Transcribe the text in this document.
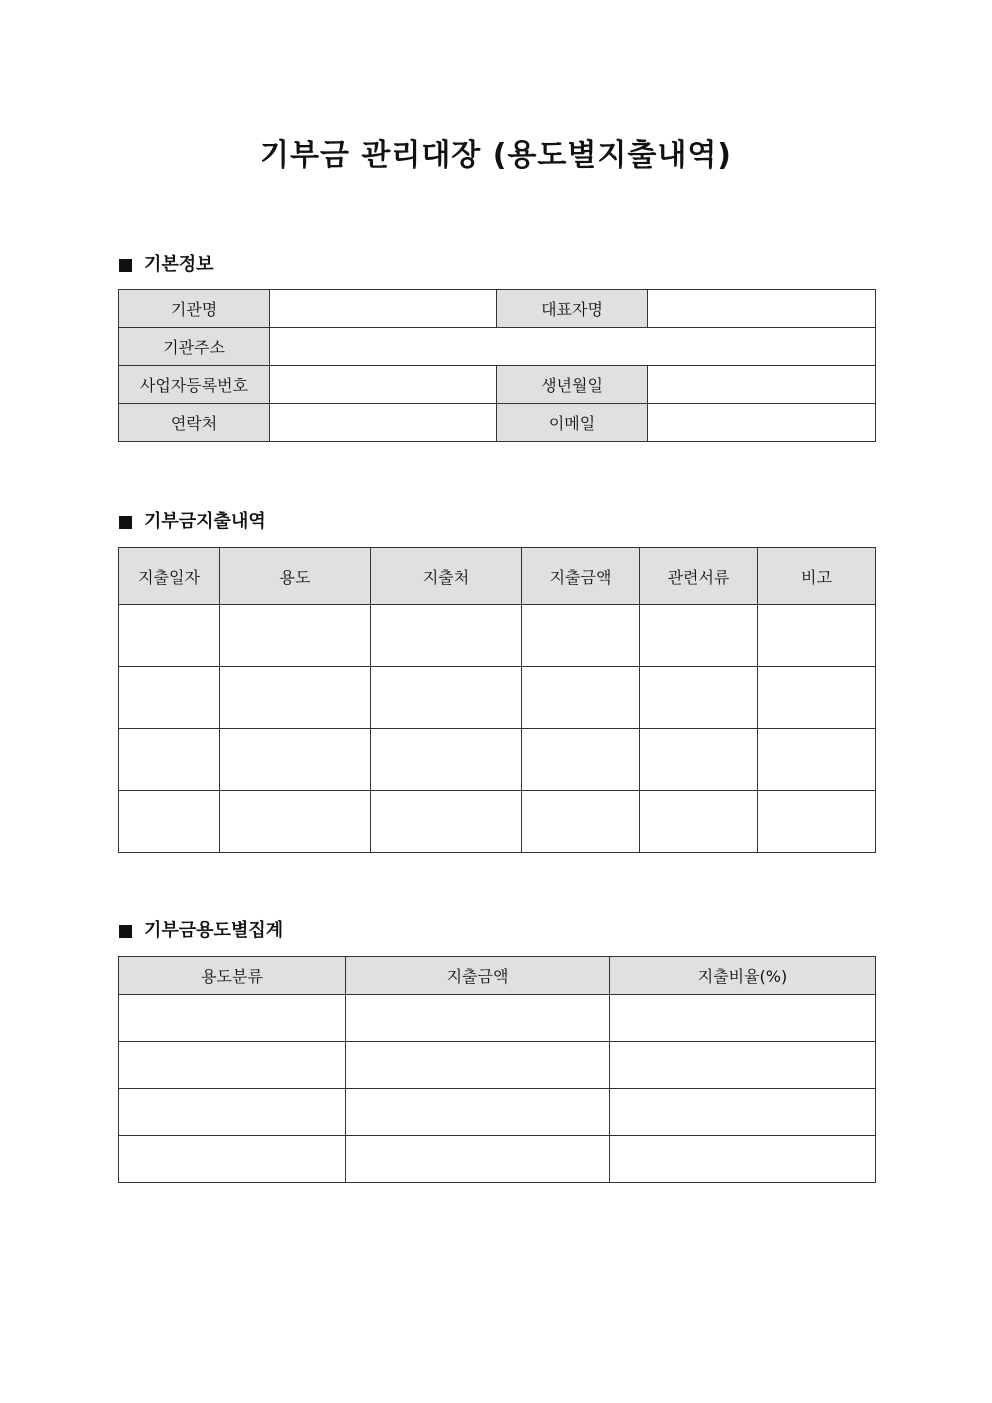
기부금 관리대장 (용도별지출내역)
기본정보
기관명		대표자명	
기관주소			
사업자등록번호		생년월일	
연락처		이메일	
기부금지출내역
지출일자	용도	지출처	지출금액	관련서류	비고

기부금용도별집계
용도분류	지출금액	지출비율(%)
